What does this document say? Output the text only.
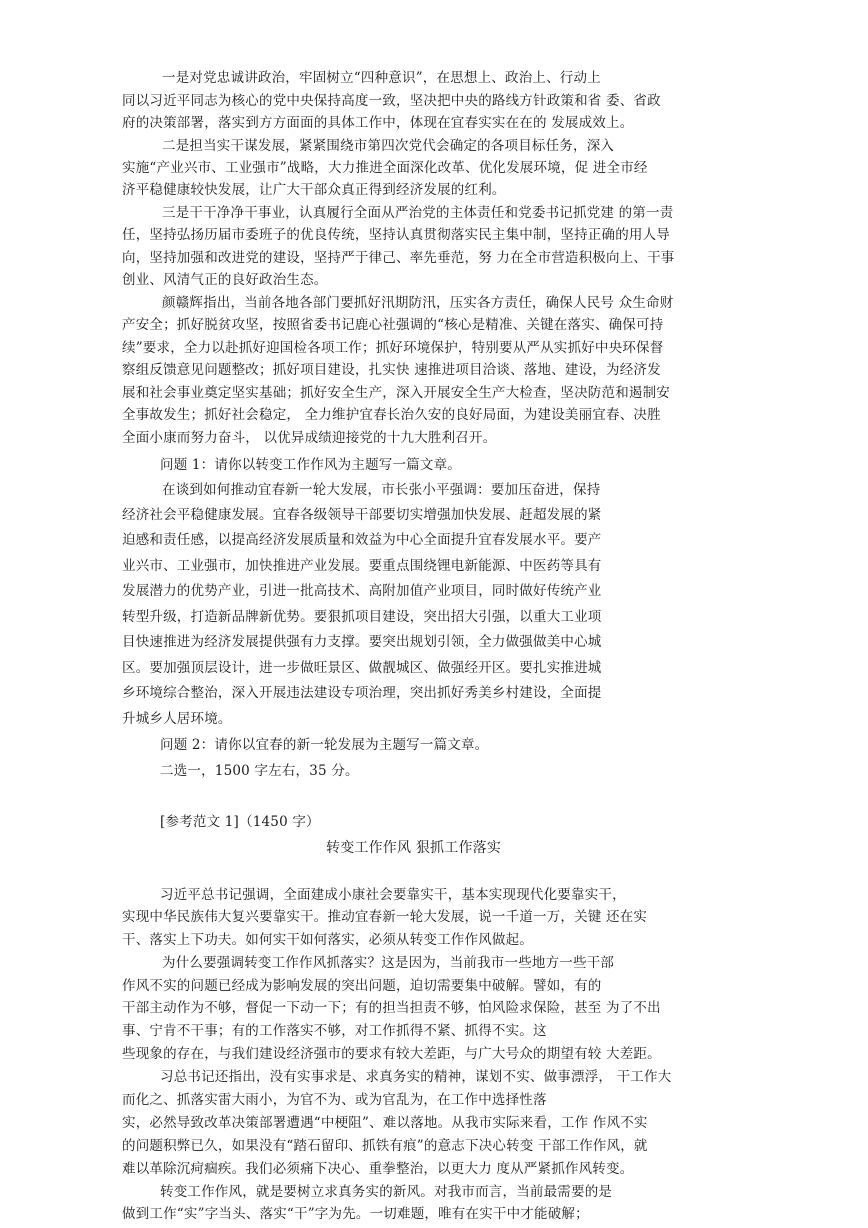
一是对党忠诚讲政治，牢固树立“四种意识”，在思想上、政治上、行动上
同以习近平同志为核心的党中央保持高度一致，坚决把中央的路线方针政策和省 委、省政
府的决策部署，落实到方方面面的具体工作中，体现在宜春实实在在的 发展成效上。
二是担当实干谋发展，紧紧围绕市第四次党代会确定的各项目标任务，深入
实施“产业兴市、工业强市”战略，大力推进全面深化改革、优化发展环境，促 进全市经
济平稳健康较快发展，让广大干部众真正得到经济发展的红利。
三是干干净净干事业，认真履行全面从严治党的主体责任和党委书记抓党建 的第一责
任，坚持弘扬历届市委班子的优良传统，坚持认真贯彻落实民主集中制，坚持正确的用人导
向，坚持加强和改进党的建设，坚持严于律己、率先垂范，努 力在全市营造积极向上、干事
创业、风清气正的良好政治生态。
颜赣辉指出，当前各地各部门要抓好汛期防汛，压实各方责任，确保人民号 众生命财
产安全；抓好脱贫攻坚，按照省委书记鹿心社强调的“核心是精准、关键在落实、确保可持
续”要求，全力以赴抓好迎国检各项工作；抓好环境保护，特别要从严从实抓好中央环保督
察组反馈意见问题整改；抓好项目建设，扎实快 速推进项目洽谈、落地、建设，为经济发
展和社会事业奠定坚实基础；抓好安全生产，深入开展安全生产大检查，坚决防范和遏制安
全事故发生；抓好社会稳定， 全力维护宜春长治久安的良好局面，为建设美丽宜春、决胜
全面小康而努力奋斗， 以优异成绩迎接党的十九大胜利召开。
问题 1：请你以转变工作作风为主题写一篇文章。
在谈到如何推动宜春新一轮大发展，市长张小平强调：要加压奋进，保持
经济社会平稳健康发展。宜春各级领导干部要切实增强加快发展、赶超发展的紧
迫感和责任感，以提高经济发展质量和效益为中心全面提升宜春发展水平。要产
业兴市、工业强市，加快推进产业发展。要重点围绕锂电新能源、中医药等具有
发展潜力的优势产业，引进一批高技术、高附加值产业项目，同时做好传统产业
转型升级，打造新品牌新优势。要狠抓项目建设，突出招大引强，以重大工业项
目快速推进为经济发展提供强有力支撑。要突出规划引领，全力做强做美中心城
区。要加强顶层设计，进一步做旺景区、做靓城区、做强经开区。要扎实推进城
乡环境综合整治，深入开展违法建设专项治理，突出抓好秀美乡村建设，全面提
升城乡人居环境。
问题 2：请你以宜春的新一轮发展为主题写一篇文章。
二选一，1500 字左右，35 分。
[参考范文 1]（1450 字）
转变工作作风 狠抓工作落实
习近平总书记强调，全面建成小康社会要靠实干，基本实现现代化要靠实干，
实现中华民族伟大复兴要靠实干。推动宜春新一轮大发展，说一千道一万，关键 还在实
干、落实上下功夫。如何实干如何落实，必须从转变工作作风做起。
为什么要强调转变工作作风抓落实？这是因为，当前我市一些地方一些干部
作风不实的问题已经成为影响发展的突出问题，迫切需要集中破解。譬如，有的
干部主动作为不够，督促一下动一下；有的担当担责不够，怕风险求保险，甚至 为了不出
事、宁肯不干事；有的工作落实不够，对工作抓得不紧、抓得不实。这
些现象的存在，与我们建设经济强市的要求有较大差距，与广大号众的期望有较 大差距。
习总书记还指出，没有实事求是、求真务实的精神，谋划不实、做事漂浮， 干工作大
而化之、抓落实雷大雨小，为官不为、或为官乱为，在工作中选择性落
实，必然导致改革决策部署遭遇“中梗阻”、难以落地。从我市实际来看，工作 作风不实
的问题积弊已久，如果没有“踏石留印、抓铁有痕”的意志下决心转变 干部工作作风，就
难以革除沉疴痼疾。我们必须痛下决心、重拳整治，以更大力 度从严紧抓作风转变。
转变工作作风，就是要树立求真务实的新风。对我市而言，当前最需要的是
做到工作“实”字当头、落实“干”字为先。一切难题，唯有在实干中才能破解；
